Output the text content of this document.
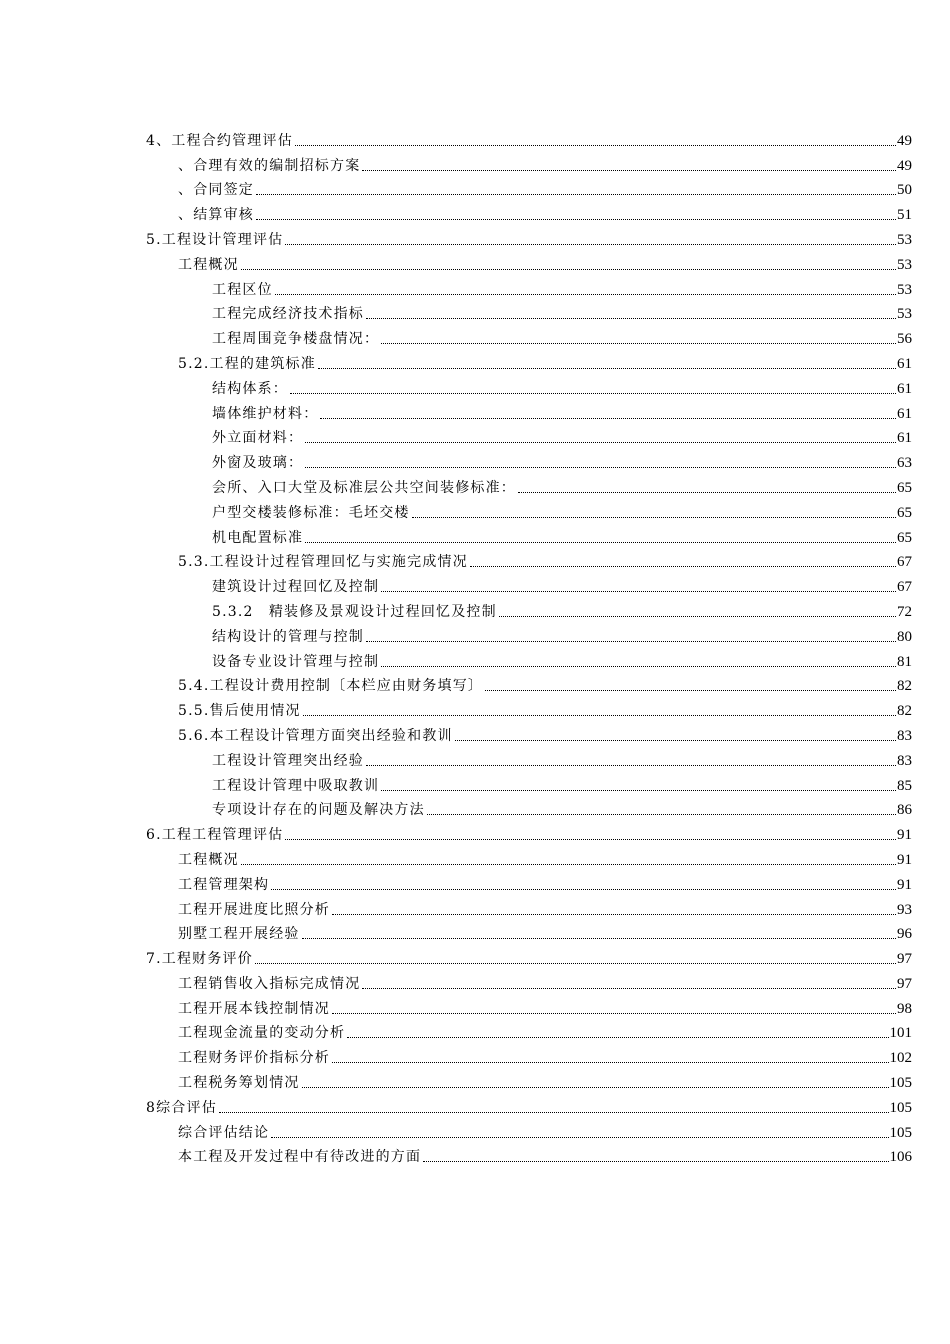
4、工程合约管理评估	49
、合理有效的编制招标方案	49
、合同签定	50
、结算审核	51
5.工程设计管理评估	53
工程概况	53
工程区位	53
工程完成经济技术指标	53
工程周围竞争楼盘情况：	56
5.2.工程的建筑标准	61
结构体系：	61
墙体维护材料：	61
外立面材料：	61
外窗及玻璃：	63
会所、入口大堂及标准层公共空间装修标准：	65
户型交楼装修标准：毛坯交楼	65
机电配置标准	65
5.3.工程设计过程管理回忆与实施完成情况	67
建筑设计过程回忆及控制	67
5.3.2　精装修及景观设计过程回忆及控制	72
结构设计的管理与控制	80
设备专业设计管理与控制	81
5.4.工程设计费用控制〔本栏应由财务填写〕	82
5.5.售后使用情况	82
5.6.本工程设计管理方面突出经验和教训	83
工程设计管理突出经验	83
工程设计管理中吸取教训	85
专项设计存在的问题及解决方法	86
6.工程工程管理评估	91
工程概况	91
工程管理架构	91
工程开展进度比照分析	93
别墅工程开展经验	96
7.工程财务评价	97
工程销售收入指标完成情况	97
工程开展本钱控制情况	98
工程现金流量的变动分析	101
工程财务评价指标分析	102
工程税务筹划情况	105
8综合评估	105
综合评估结论	105
本工程及开发过程中有待改进的方面	106
